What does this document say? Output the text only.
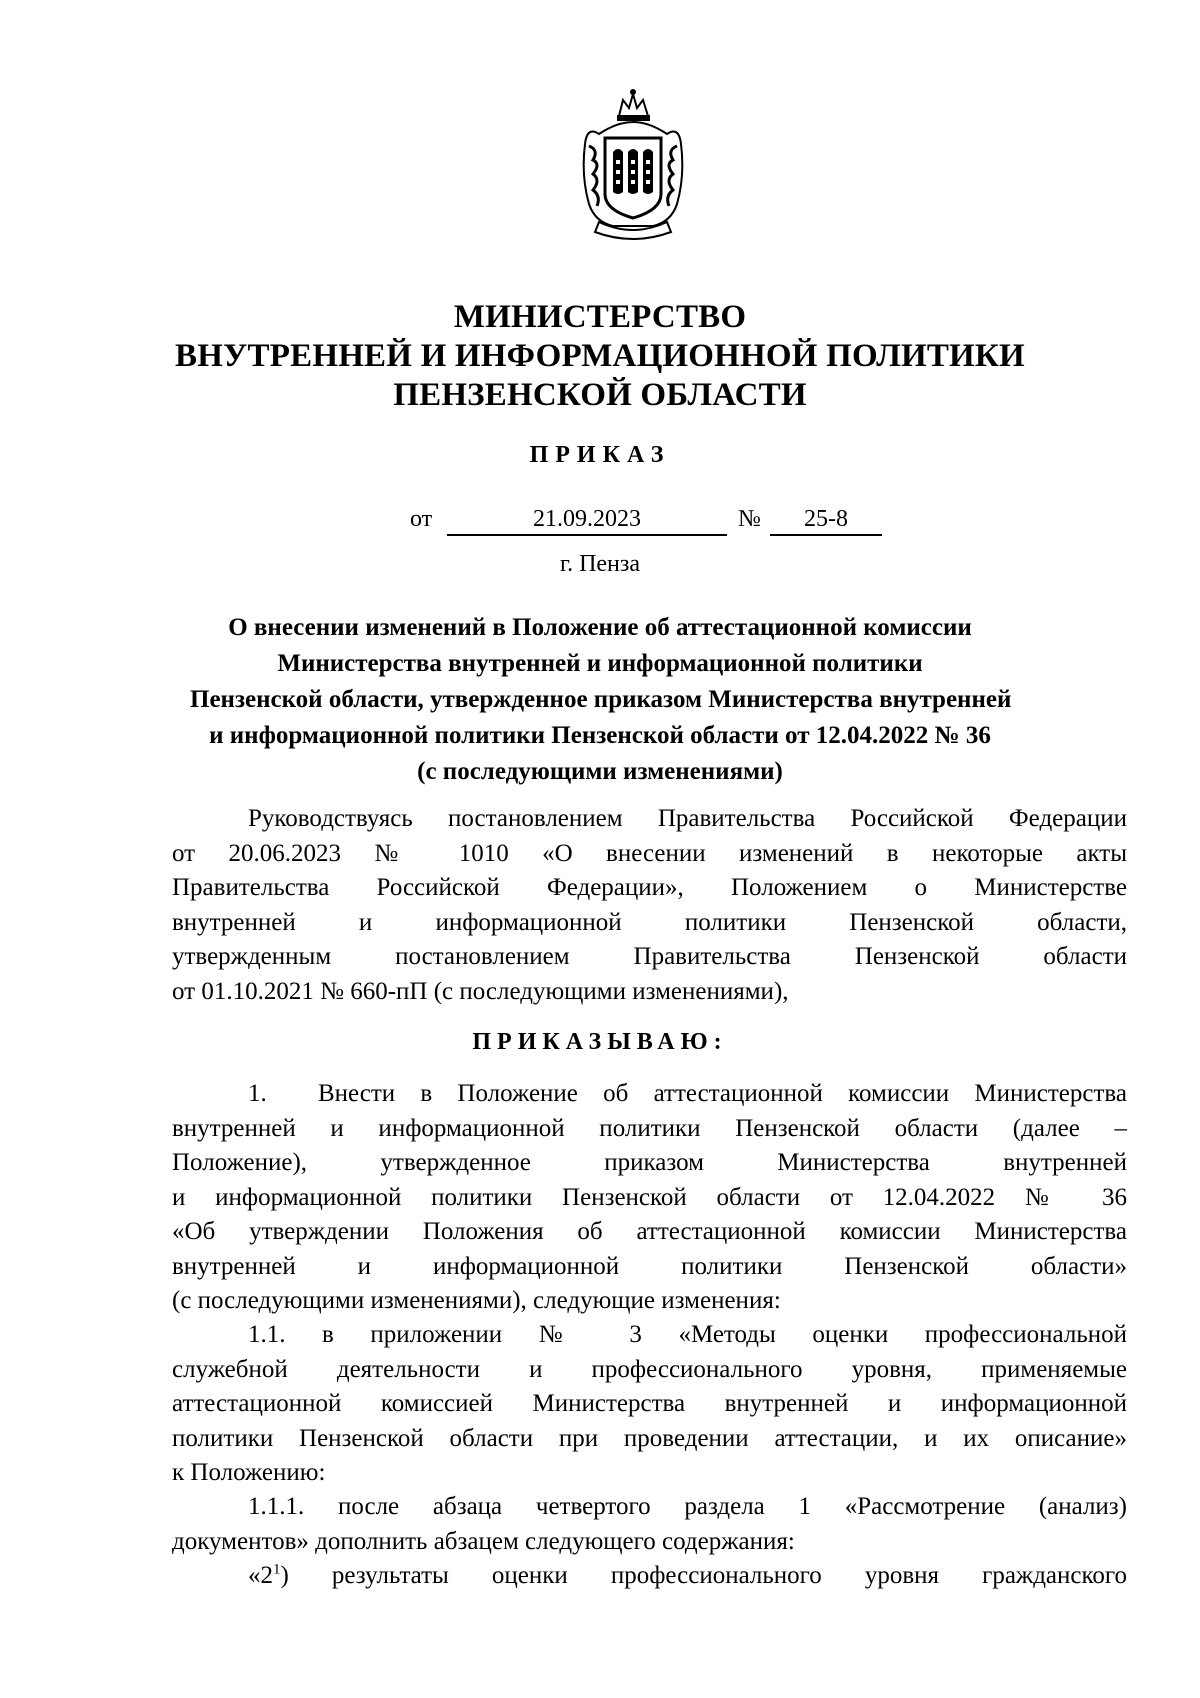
МИНИСТЕРСТВО
ВНУТРЕННЕЙ И ИНФОРМАЦИОННОЙ ПОЛИТИКИ
ПЕНЗЕНСКОЙ ОБЛАСТИ
ПРИКАЗ
от	21.09.2023	№	25-8
г. Пенза
О внесении изменений в Положение об аттестационной комиссии
Министерства внутренней и информационной политики
Пензенской области, утвержденное приказом Министерства внутренней
и информационной политики Пензенской области от 12.04.2022 № 36
(с последующими изменениями)
Руководствуясь постановлением Правительства Российской Федерации
от 20.06.2023 № 1010 «О внесении изменений в некоторые акты
Правительства Российской Федерации», Положением о Министерстве
внутренней и информационной политики Пензенской области,
утвержденным постановлением Правительства Пензенской области
от 01.10.2021 № 660-пП (с последующими изменениями),
ПРИКАЗЫВАЮ:
1. Внести в Положение об аттестационной комиссии Министерства
внутренней и информационной политики Пензенской области (далее –
Положение), утвержденное приказом Министерства внутренней
и информационной политики Пензенской области от 12.04.2022 № 36
«Об утверждении Положения об аттестационной комиссии Министерства
внутренней и информационной политики Пензенской области»
(с последующими изменениями), следующие изменения:
1.1. в приложении № 3 «Методы оценки профессиональной
служебной деятельности и профессионального уровня, применяемые
аттестационной комиссией Министерства внутренней и информационной
политики Пензенской области при проведении аттестации, и их описание»
к Положению:
1.1.1. после абзаца четвертого раздела 1 «Рассмотрение (анализ)
документов» дополнить абзацем следующего содержания:
«$2^1$) результаты оценки профессионального уровня гражданского
